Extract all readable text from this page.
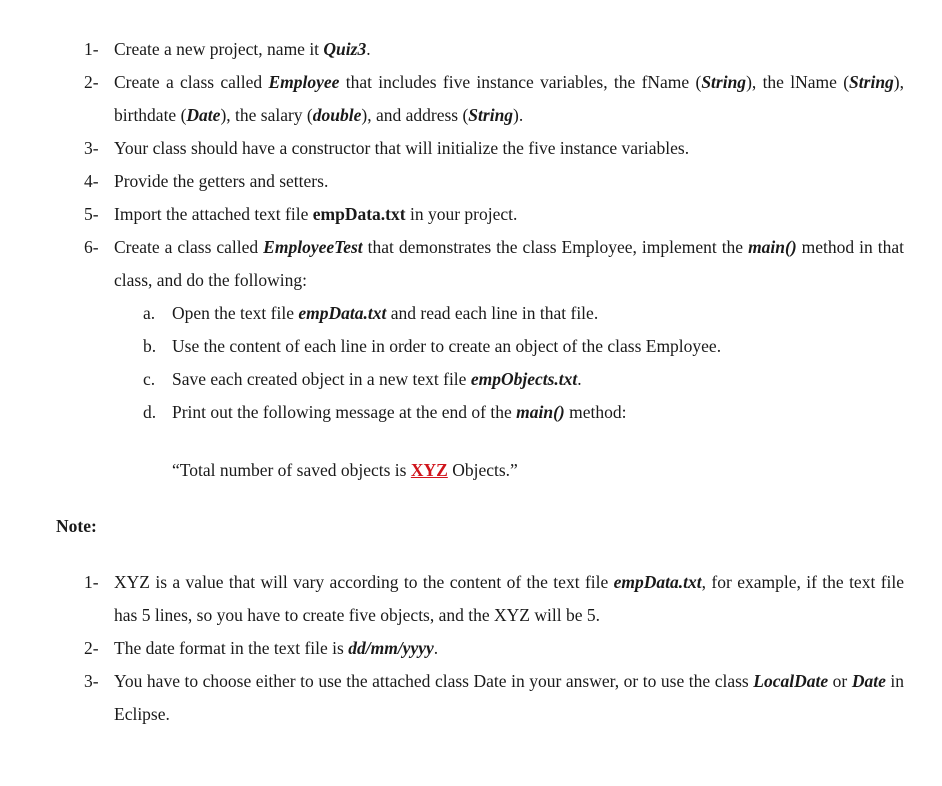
1- Create a new project, name it Quiz3.
2- Create a class called Employee that includes five instance variables, the fName (String), the lName (String), birthdate (Date), the salary (double), and address (String).
3- Your class should have a constructor that will initialize the five instance variables.
4- Provide the getters and setters.
5- Import the attached text file empData.txt in your project.
6- Create a class called EmployeeTest that demonstrates the class Employee, implement the main() method in that class, and do the following:
a. Open the text file empData.txt and read each line in that file.
b. Use the content of each line in order to create an object of the class Employee.
c. Save each created object in a new text file empObjects.txt.
d. Print out the following message at the end of the main() method:
“Total number of saved objects is XYZ Objects.”
Note:
1- XYZ is a value that will vary according to the content of the text file empData.txt, for example, if the text file has 5 lines, so you have to create five objects, and the XYZ will be 5.
2- The date format in the text file is dd/mm/yyyy.
3- You have to choose either to use the attached class Date in your answer, or to use the class LocalDate or Date in Eclipse.
